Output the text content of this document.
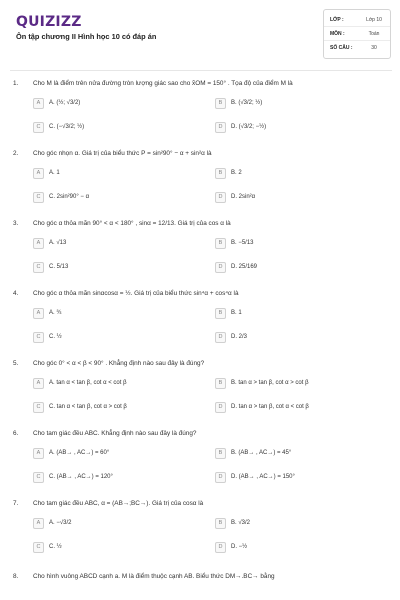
QUIZIZZ
Ôn tập chương II Hình học 10 có đáp án
LỚP :	Lớp 10
MÔN :	Toán
SỐ CÂU :	30
1. Cho M là điểm trên nửa đường tròn lượng giác sao cho x̂OM = 150° . Tọa độ của điểm M là
A	A. (½; √3/2)	B	B. (√3/2; ½)
C	C. (−√3/2; ½)	D	D. (√3/2; −½)
2. Cho góc nhọn α. Giá trị của biểu thức P = sin²90° − α + sin²α là
A	A. 1	B	B. 2
C	C. 2sin²90° − α	D	D. 2sin²α
3. Cho góc α thỏa mãn 90° < α < 180° , sinα = 12/13. Giá trị của cos α là
A	A. √13	B	B. −5/13
C	C. 5/13	D	D. 25/169
4. Cho góc α thỏa mãn sinαcosα = ½. Giá trị của biểu thức sin⁴α + cos⁴α là
A	A. ¾	B	B. 1
C	C. ½	D	D. 2/3
5. Cho góc 0° < α < β < 90° . Khẳng định nào sau đây là đúng?
A	A. tan α < tan β, cot α < cot β	B	B. tan α > tan β, cot α > cot β
C	C. tan α < tan β, cot α > cot β	D	D. tan α > tan β, cot α < cot β
6. Cho tam giác đều ABC. Khẳng định nào sau đây là đúng?
A	A. (AB→ , AC→) = 60°	B	B. (AB→ , AC→) = 45°
C	C. (AB→ , AC→) = 120°	D	D. (AB→ , AC→) = 150°
7. Cho tam giác đều ABC, α = (AB→;BC→). Giá trị của cosα là
A	A. −√3/2	B	B. √3/2
C	C. ½	D	D. −½
8. Cho hình vuông ABCD cạnh a. M là điểm thuộc cạnh AB. Biểu thức DM→.BC→ bằng
